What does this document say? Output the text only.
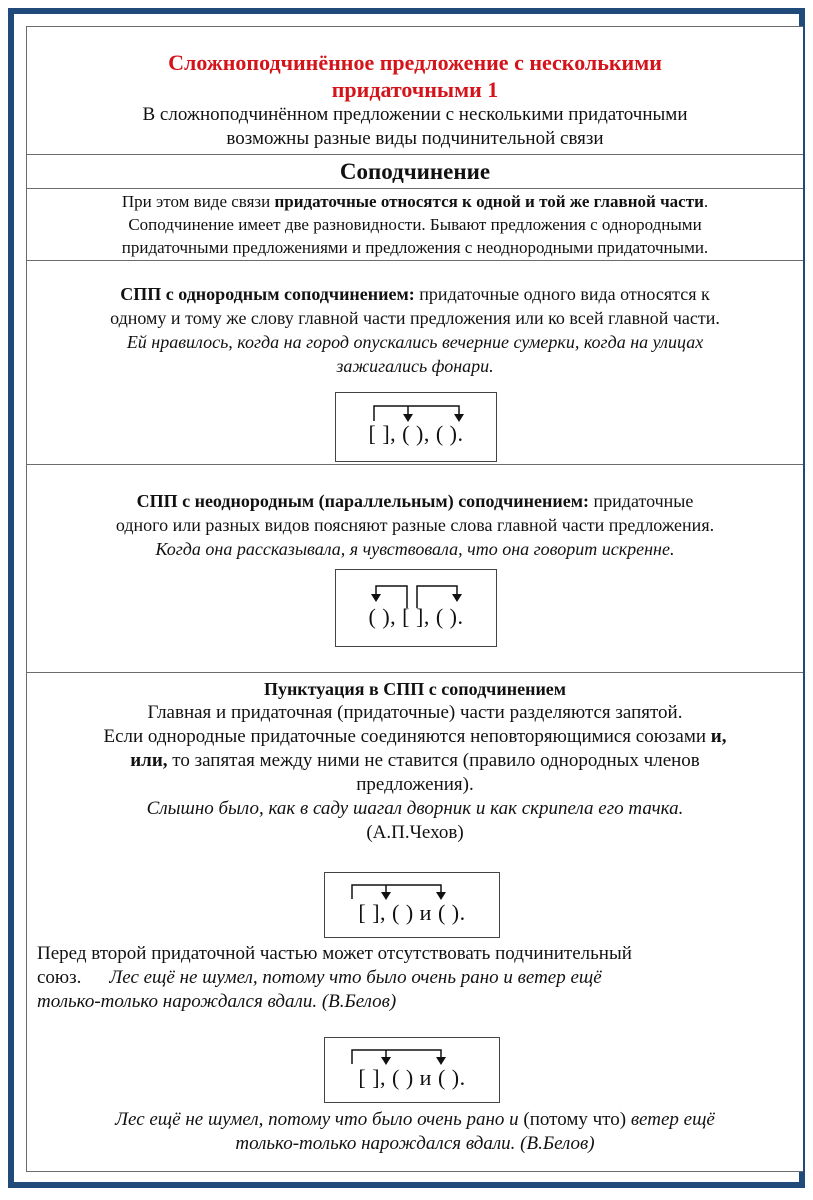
Сложноподчинённое предложение с несколькими

придаточными 1

В сложноподчинённом предложении с несколькими придаточными

возможны разные виды подчинительной связи

Соподчинение

При этом виде связи придаточные относятся к одной и той же главной части.

Соподчинение имеет две разновидности. Бывают предложения с однородными

придаточными предложениями и предложения с неоднородными придаточными.

СПП с однородным соподчинением: придаточные одного вида относятся к

одному и тому же слову главной части предложения или ко всей главной части.

Ей нравилось, когда на город опускались вечерние сумерки, когда на улицах

зажигались фонари.

[ ], ( ), ( ).

СПП с неоднородным (параллельным) соподчинением: придаточные

одного или разных видов поясняют разные слова главной части предложения.

Когда она рассказывала, я чувствовала, что она говорит искренне.

( ), [ ], ( ).

Пунктуация в СПП с соподчинением

Главная и придаточная (придаточные) части разделяются запятой.

Если однородные придаточные соединяются неповторяющимися союзами и,

или, то запятая между ними не ставится (правило однородных членов

предложения).

Слышно было, как в саду шагал дворник и как скрипела его тачка.

(А.П.Чехов)

[ ], ( ) и ( ).

Перед второй придаточной частью может отсутствовать подчинительный

союз. Лес ещё не шумел, потому что было очень рано и ветер ещё

только-только нарождался вдали. (В.Белов)

[ ], ( ) и ( ).

Лес ещё не шумел, потому что было очень рано и (потому что) ветер ещё

только-только нарождался вдали. (В.Белов)
